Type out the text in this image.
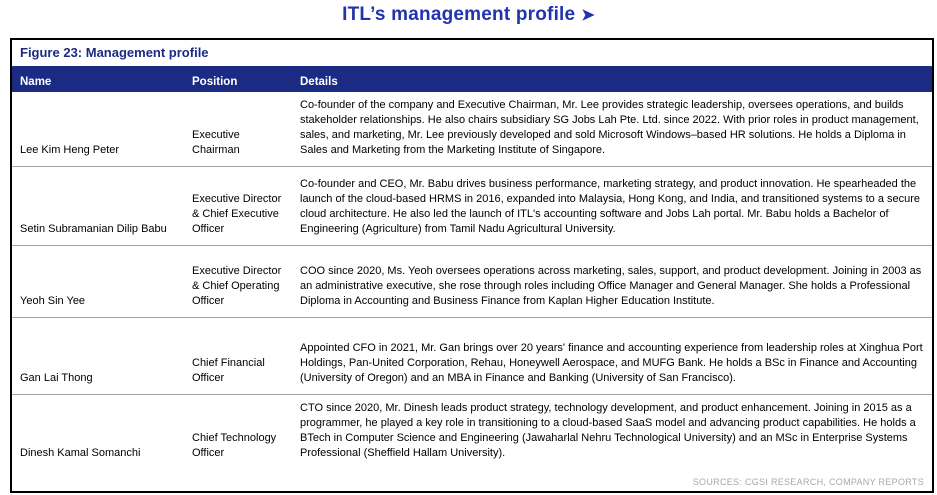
ITL’s management profile ➤
Figure 23: Management profile
Name	Position	Details
Lee Kim Heng Peter	Executive Chairman	Co-founder of the company and Executive Chairman, Mr. Lee provides strategic leadership, oversees operations, and builds stakeholder relationships. He also chairs subsidiary SG Jobs Lah Pte. Ltd. since 2022. With prior roles in product management, sales, and marketing, Mr. Lee previously developed and sold Microsoft Windows–based HR solutions. He holds a Diploma in Sales and Marketing from the Marketing Institute of Singapore.
Setin Subramanian Dilip Babu	Executive Director & Chief Executive Officer	Co-founder and CEO, Mr. Babu drives business performance, marketing strategy, and product innovation. He spearheaded the launch of the cloud-based HRMS in 2016, expanded into Malaysia, Hong Kong, and India, and transitioned systems to a secure cloud architecture. He also led the launch of ITL's accounting software and Jobs Lah portal. Mr. Babu holds a Bachelor of Engineering (Agriculture) from Tamil Nadu Agricultural University.
Yeoh Sin Yee	Executive Director & Chief Operating Officer	COO since 2020, Ms. Yeoh oversees operations across marketing, sales, support, and product development. Joining in 2003 as an administrative executive, she rose through roles including Office Manager and General Manager. She holds a Professional Diploma in Accounting and Business Finance from Kaplan Higher Education Institute.
Gan Lai Thong	Chief Financial Officer	Appointed CFO in 2021, Mr. Gan brings over 20 years' finance and accounting experience from leadership roles at Xinghua Port Holdings, Pan-United Corporation, Rehau, Honeywell Aerospace, and MUFG Bank. He holds a BSc in Finance and Accounting (University of Oregon) and an MBA in Finance and Banking (University of San Francisco).
Dinesh Kamal Somanchi	Chief Technology Officer	CTO since 2020, Mr. Dinesh leads product strategy, technology development, and product enhancement. Joining in 2015 as a programmer, he played a key role in transitioning to a cloud-based SaaS model and advancing product capabilities. He holds a BTech in Computer Science and Engineering (Jawaharlal Nehru Technological University) and an MSc in Enterprise Systems Professional (Sheffield Hallam University).
SOURCES: CGSI RESEARCH, COMPANY REPORTS
